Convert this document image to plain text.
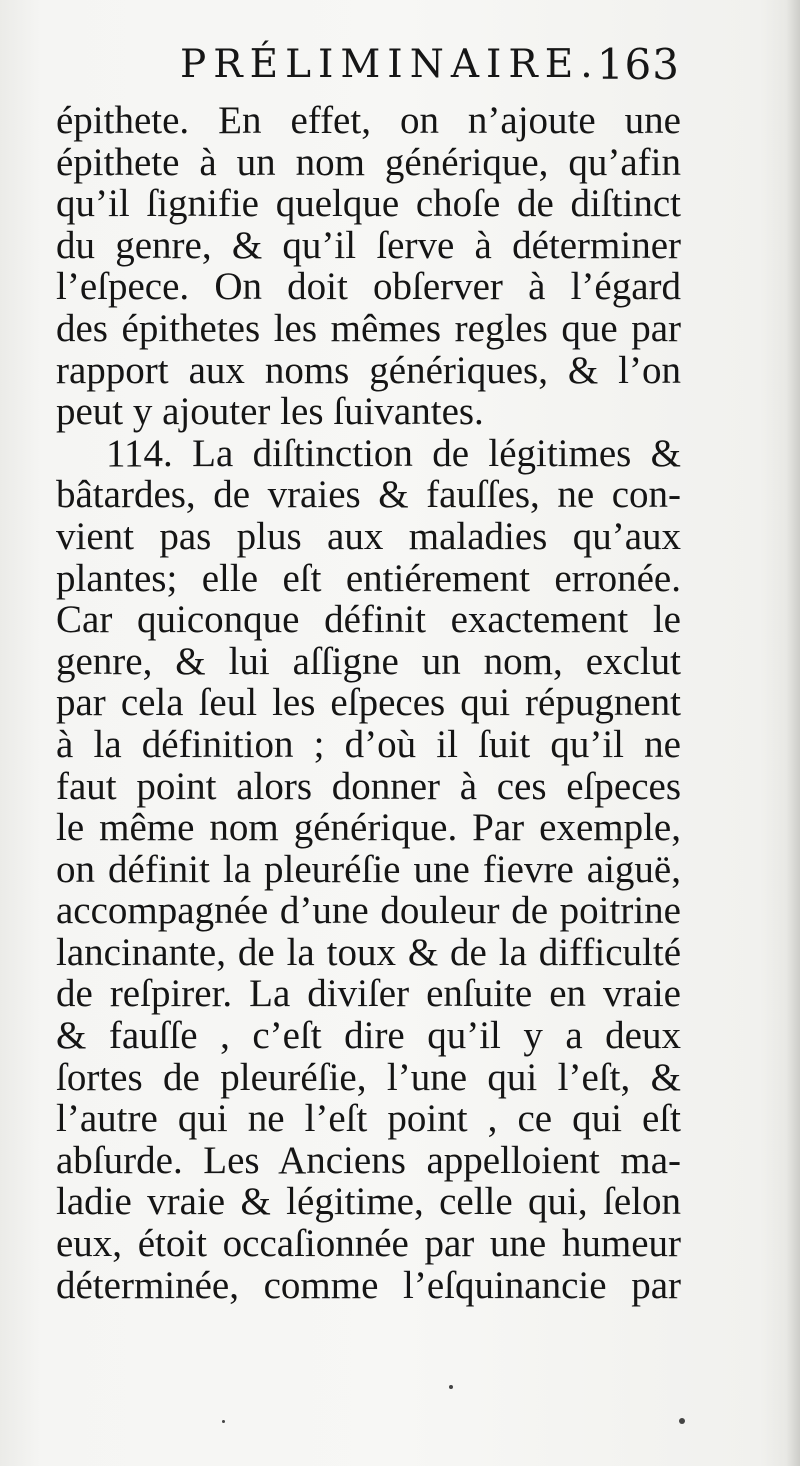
PRÉLIMINAIRE.
163
épithete. En effet, on n’ajoute une
épithete à un nom générique, qu’afin
qu’il ſignifie quelque choſe de diſtinct
du genre, & qu’il ſerve à déterminer
l’eſpece. On doit obſerver à l’égard
des épithetes les mêmes regles que par
rapport aux noms génériques, & l’on
peut y ajouter les ſuivantes.
114. La diſtinction de légitimes &
bâtardes, de vraies & fauſſes, ne con-
vient pas plus aux maladies qu’aux
plantes; elle eſt entiérement erronée.
Car quiconque définit exactement le
genre, & lui aſſigne un nom, exclut
par cela ſeul les eſpeces qui répugnent
à la définition ; d’où il ſuit qu’il ne
faut point alors donner à ces eſpeces
le même nom générique. Par exemple,
on définit la pleuréſie une fievre aiguë,
accompagnée d’une douleur de poitrine
lancinante, de la toux & de la difficulté
de reſpirer. La diviſer enſuite en vraie
& fauſſe , c’eſt dire qu’il y a deux
ſortes de pleuréſie, l’une qui l’eſt, &
l’autre qui ne l’eſt point , ce qui eſt
abſurde. Les Anciens appelloient ma-
ladie vraie & légitime, celle qui, ſelon
eux, étoit occaſionnée par une humeur
déterminée, comme l’eſquinancie par
